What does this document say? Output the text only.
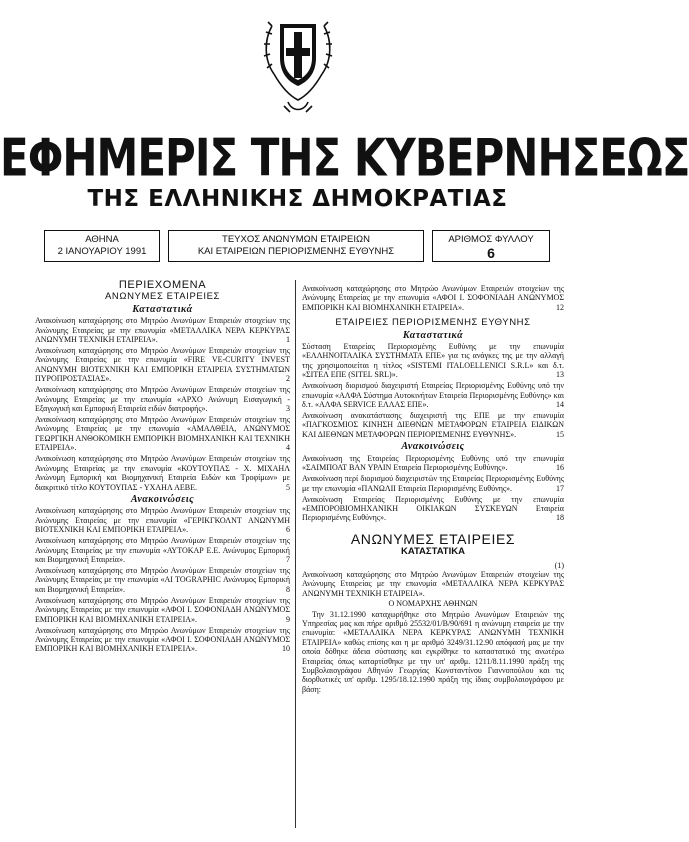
ΕΦΗΜΕΡΙΣ ΤΗΣ ΚΥΒΕΡΝΗΣΕΩΣ
ΤΗΣ ΕΛΛΗΝΙΚΗΣ ΔΗΜΟΚΡΑΤΙΑΣ
ΑΘΗΝΑ
2 ΙΑΝΟΥΑΡΙΟΥ 1991
ΤΕΥΧΟΣ ΑΝΩΝΥΜΩΝ ΕΤΑΙΡΕΙΩΝ
ΚΑΙ ΕΤΑΙΡΕΙΩΝ ΠΕΡΙΟΡΙΣΜΕΝΗΣ ΕΥΘΥΝΗΣ
ΑΡΙΘΜΟΣ ΦΥΛΛΟΥ
6
ΠΕΡΙΕΧΟΜΕΝΑ
ΑΝΩΝΥΜΕΣ ΕΤΑΙΡΕΙΕΣ
Καταστατικά
Ανακοίνωση καταχώρησης στο Μητρώο Ανωνύμων Εταιρειών στοιχείων της Ανώνυμης Εταιρείας με την επωνυμία «ΜΕΤΑΛΛΙΚΑ ΝΕΡΑ ΚΕΡΚΥΡΑΣ ΑΝΩΝΥΜΗ ΤΕΧΝΙΚΗ ΕΤΑΙΡΕΙΑ».	1
Ανακοίνωση καταχώρησης στο Μητρώο Ανωνύμων Εταιρειών στοιχείων της Ανώνυμης Εταιρείας με την επωνυμία «FIRE VE-CURITY INVEST ΑΝΩΝΥΜΗ ΒΙΟΤΕΧΝΙΚΗ ΚΑΙ ΕΜΠΟΡΙΚΗ ΕΤΑΙΡΕΙΑ ΣΥΣΤΗΜΑΤΩΝ ΠΥΡΟΠΡΟΣΤΑΣΙΑΣ».	2
Ανακοίνωση καταχώρησης στο Μητρώο Ανωνύμων Εταιρειών στοιχείων της Ανώνυμης Εταιρείας με την επωνυμία «ΑΡΧΟ Ανώνυμη Εισαγωγική - Εξαγωγική και Εμπορική Εταιρεία ειδών διατροφής».	3
Ανακοίνωση καταχώρησης στο Μητρώο Ανωνύμων Εταιρειών στοιχείων της Ανώνυμης Εταιρείας με την επωνυμία «ΑΜΑΛΘΕΙΑ, ΑΝΩΝΥΜΟΣ ΓΕΩΡΓΙΚΗ ΑΝΘΟΚΟΜΙΚΗ ΕΜΠΟΡΙΚΗ ΒΙΟΜΗΧΑΝΙΚΗ ΚΑΙ ΤΕΧΝΙΚΗ ΕΤΑΙΡΕΙΑ».	4
Ανακοίνωση καταχώρησης στο Μητρώο Ανωνύμων Εταιρειών στοιχείων της Ανώνυμης Εταιρείας με την επωνυμία «ΚΟΥΤΟΥΠΑΣ - Χ. ΜΙΧΑΗΛ Ανώνυμη Εμπορική και Βιομηχανική Εταιρεία Ειδών και Τροφίμων» με διακριτικό τίτλο ΚΟΥΤΟΥΠΑΣ - ΥΧΑΗΛ ΑΕΒΕ.	5
Ανακοινώσεις
Ανακοίνωση καταχώρησης στο Μητρώο Ανωνύμων Εταιρειών στοιχείων της Ανώνυμης Εταιρείας με την επωνυμία «ΓΕΡΙΚΓΚΟΛΝΤ ΑΝΩΝΥΜΗ ΒΙΟΤΕΧΝΙΚΗ ΚΑΙ ΕΜΠΟΡΙΚΗ ΕΤΑΙΡΕΙΑ».	6
Ανακοίνωση καταχώρησης στο Μητρώο Ανωνύμων Εταιρειών στοιχείων της Ανώνυμης Εταιρείας με την επωνυμία «ΑΥΤΟΚΑΡ Ε.Ε. Ανώνυμος Εμπορική και Βιομηχανική Εταιρεία».	7
Ανακοίνωση καταχώρησης στο Μητρώο Ανωνύμων Εταιρειών στοιχείων της Ανώνυμης Εταιρείας με την επωνυμία «ΑΙ TOGRAPHIC Ανώνυμος Εμπορική και Βιομηχανική Εταιρεία».	8
Ανακοίνωση καταχώρησης στο Μητρώο Ανωνύμων Εταιρειών στοιχείων της Ανώνυμης Εταιρείας με την επωνυμία «ΑΦΟΙ Ι. ΣΟΦΟΝΙΑΔΗ ΑΝΩΝΥΜΟΣ ΕΜΠΟΡΙΚΗ ΚΑΙ ΒΙΟΜΗΧΑΝΙΚΗ ΕΤΑΙΡΕΙΑ».	9
Ανακοίνωση καταχώρησης στο Μητρώο Ανωνύμων Εταιρειών στοιχείων της Ανώνυμης Εταιρείας με την επωνυμία «ΑΦΟΙ Ι. ΣΟΦΟΝΙΑΔΗ ΑΝΩΝΥΜΟΣ ΕΜΠΟΡΙΚΗ ΚΑΙ ΒΙΟΜΗΧΑΝΙΚΗ ΕΤΑΙΡΕΙΑ».	10
Ανακοίνωση καταχώρησης στο Μητρώο Ανωνύμων Εταιρειών στοιχείων της Ανώνυμης Εταιρείας με την επωνυμία «ΑΦΟΙ Ι. ΣΟΦΟΝΙΑΔΗ ΑΝΩΝΥΜΟΣ ΕΜΠΟΡΙΚΗ ΚΑΙ ΒΙΟΜΗΧΑΝΙΚΗ ΕΤΑΙΡΕΙΑ».	12
ΕΤΑΙΡΕΙΕΣ ΠΕΡΙΟΡΙΣΜΕΝΗΣ ΕΥΘΥΝΗΣ
Καταστατικά
Σύσταση Εταιρείας Περιορισμένης Ευθύνης με την επωνυμία «ΕΛΛΗΝΟΙΤΑΛΙΚΑ ΣΥΣΤΗΜΑΤΑ ΕΠΕ» για τις ανάγκες της με την αλλαγή της χρησιμοποιείται η τίτλος «SISTEMI ITALOELLENICI S.R.L» και δ.τ. «ΣΙΤΕΛ ΕΠΕ (SITEL SRL)».	13
Ανακοίνωση διορισμού διαχειριστή Εταιρείας Περιορισμένης Ευθύνης υπό την επωνυμία «ΑΛΦΑ Σύστημα Αυτοκινήτων Εταιρεία Περιορισμένης Ευθύνης» και δ.τ. «ΑΛΦΑ SERVICE ΕΛΛΑΣ ΕΠΕ».	14
Ανακοίνωση ανακατάστασης διαχειριστή της ΕΠΕ με την επωνυμία «ΠΑΓΚΟΣΜΙΟΣ ΚΙΝΗΣΗ ΔΙΕΘΝΩΝ ΜΕΤΑΦΟΡΩΝ ΕΤΑΙΡΕΙΑ ΕΙΔΙΚΩΝ ΚΑΙ ΔΙΕΘΝΩΝ ΜΕΤΑΦΟΡΩΝ ΠΕΡΙΟΡΙΣΜΕΝΗΣ ΕΥΘΥΝΗΣ».	15
Ανακοινώσεις
Ανακοίνωση της Εταιρείας Περιορισμένης Ευθύνης υπό την επωνυμία «ΣΑΙΜΠΟΑΤ ΒΑΝ ΥΡΑΙΝ Εταιρεία Περιορισμένης Ευθύνης».	16
Ανακοίνωση περί διορισμού διαχειριστών της Εταιρείας Περιορισμένης Ευθύνης με την επωνυμία «ΠΑΝΩΛΙΙ Εταιρεία Περιορισμένης Ευθύνης».	17
Ανακοίνωση Εταιρείας Περιορισμένης Ευθύνης με την επωνυμία «ΕΜΠΟΡΟΒΙΟΜΗΧΑΝΙΚΗ ΟΙΚΙΑΚΩΝ ΣΥΣΚΕΥΩΝ Εταιρεία Περιορισμένης Ευθύνης».	18
ΑΝΩΝΥΜΕΣ ΕΤΑΙΡΕΙΕΣ
ΚΑΤΑΣΤΑΤΙΚΑ

(1)

Ανακοίνωση καταχώρησης στο Μητρώο Ανωνύμων Εταιρειών στοιχείων της Ανώνυμης Εταιρείας με την επωνυμία «ΜΕΤΑΛΛΙΚΑ ΝΕΡΑ ΚΕΡΚΥΡΑΣ ΑΝΩΝΥΜΗ ΤΕΧΝΙΚΗ ΕΤΑΙΡΕΙΑ».

Ο ΝΟΜΑΡΧΗΣ ΑΘΗΝΩΝ

Την 31.12.1990 καταχωρήθηκε στο Μητρώο Ανωνύμων Εταιρειών της Υπηρεσίας μας και πήρε αριθμό 25532/01/Β/90/691 η ανώνυμη εταιρεία με την επωνυμία: «ΜΕΤΑΛΛΙΚΑ ΝΕΡΑ ΚΕΡΚΥΡΑΣ ΑΝΩΝΥΜΗ ΤΕΧΝΙΚΗ ΕΤΑΙΡΕΙΑ» καθώς επίσης και η με αριθμό 3249/31.12.90 απόφασή μας με την οποία δόθηκε άδεια σύστασης και εγκρίθηκε το καταστατικό της ανωτέρω Εταιρείας όπως καταρτίσθηκε με την υπ' αριθμ. 1211/8.11.1990 πράξη της Συμβολαιογράφου Αθηνών Γεωργίας Κωνσταντίνου Γιαννοπούλου και τις διορθωτικές υπ' αριθμ. 1295/18.12.1990 πράξη της ίδιας συμβολαιογράφου με βάση:
